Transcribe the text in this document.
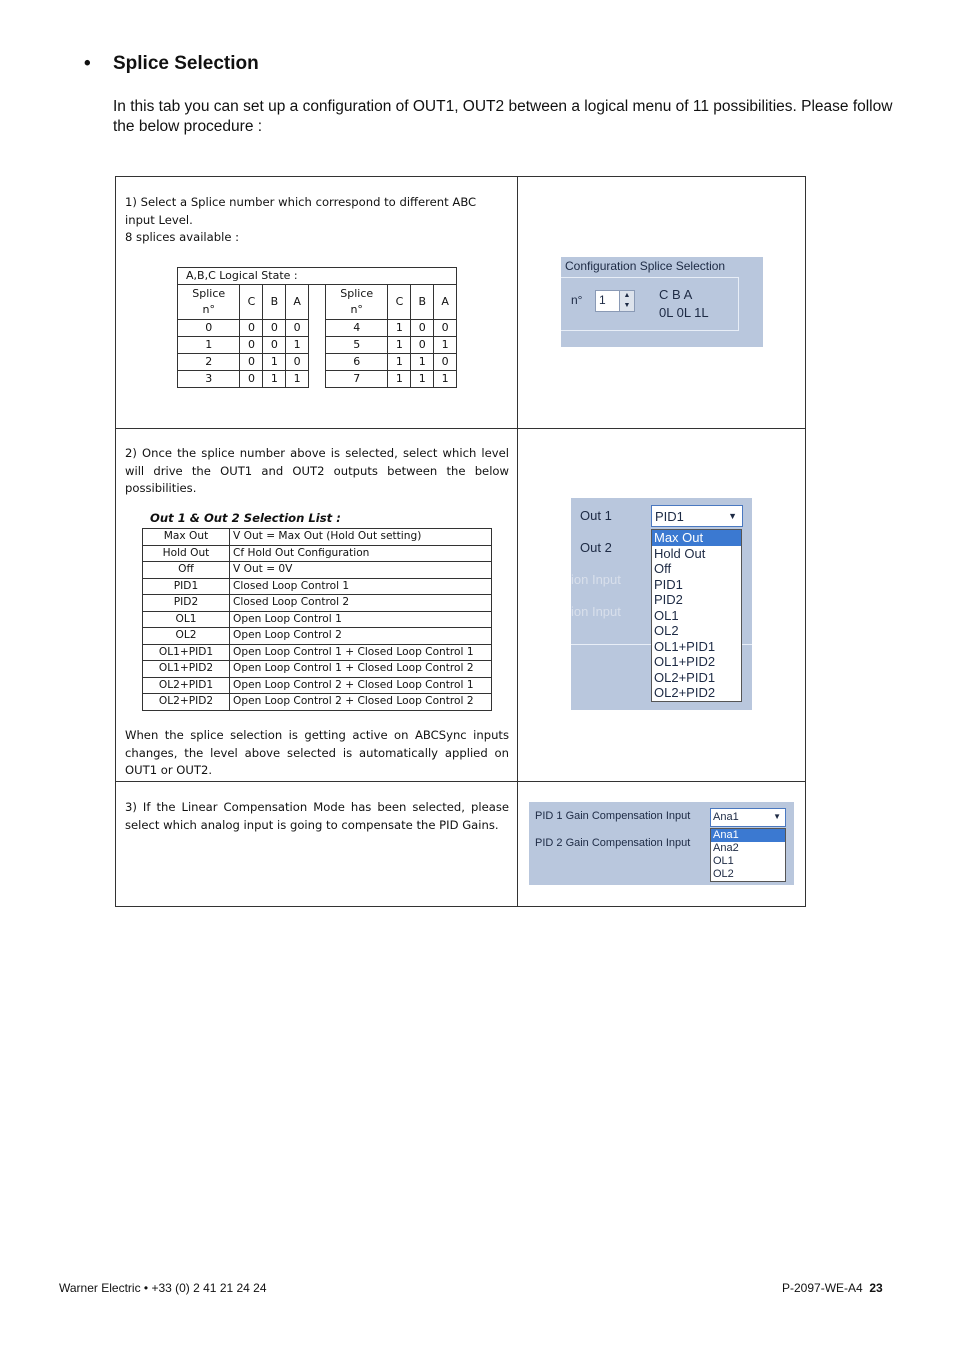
• Splice Selection
In this tab you can set up a configuration of OUT1, OUT2 between a logical menu of 11 possibilities. Please follow the below procedure :
1) Select a Splice number which correspond to different ABC
input Level.
8 splices available :
A,B,C Logical State :								
Splice
n°	C	B	A		Splice
n°	C	B	A
0	0	0	0		4	1	0	0
1	0	0	1		5	1	0	1
2	0	1	0		6	1	1	0
3	0	1	1		7	1	1	1
Configuration Splice Selection
n° 1	▲
▼
C B A
0L 0L 1L
2) Once the splice number above is selected, select which level will drive the OUT1 and OUT2 outputs between the below possibilities.
Out 1 & Out 2 Selection List :
Max Out	V Out = Max Out (Hold Out setting)
Hold Out	Cf Hold Out Configuration
Off	V Out = 0V
PID1	Closed Loop Control 1
PID2	Closed Loop Control 2
OL1	Open Loop Control 1
OL2	Open Loop Control 2
OL1+PID1	Open Loop Control 1 + Closed Loop Control 1
OL1+PID2	Open Loop Control 1 + Closed Loop Control 2
OL2+PID1	Open Loop Control 2 + Closed Loop Control 1
OL2+PID2	Open Loop Control 2 + Closed Loop Control 2
When the splice selection is getting active on ABCSync inputs changes, the level above selected is automatically applied on OUT1 or OUT2.
Out 1
Out 2
ion Input
ion Input
PID1	▼
Max Out
Hold Out
Off
PID1
PID2
OL1
OL2
OL1+PID1
OL1+PID2
OL2+PID1
OL2+PID2
3) If the Linear Compensation Mode has been selected, please select which analog input is going to compensate the PID Gains.
PID 1 Gain Compensation Input
PID 2 Gain Compensation Input
Ana1	▼
Ana1
Ana2
OL1
OL2
Warner Electric • +33 (0) 2 41 21 24 24	P-2097-WE-A4 23
